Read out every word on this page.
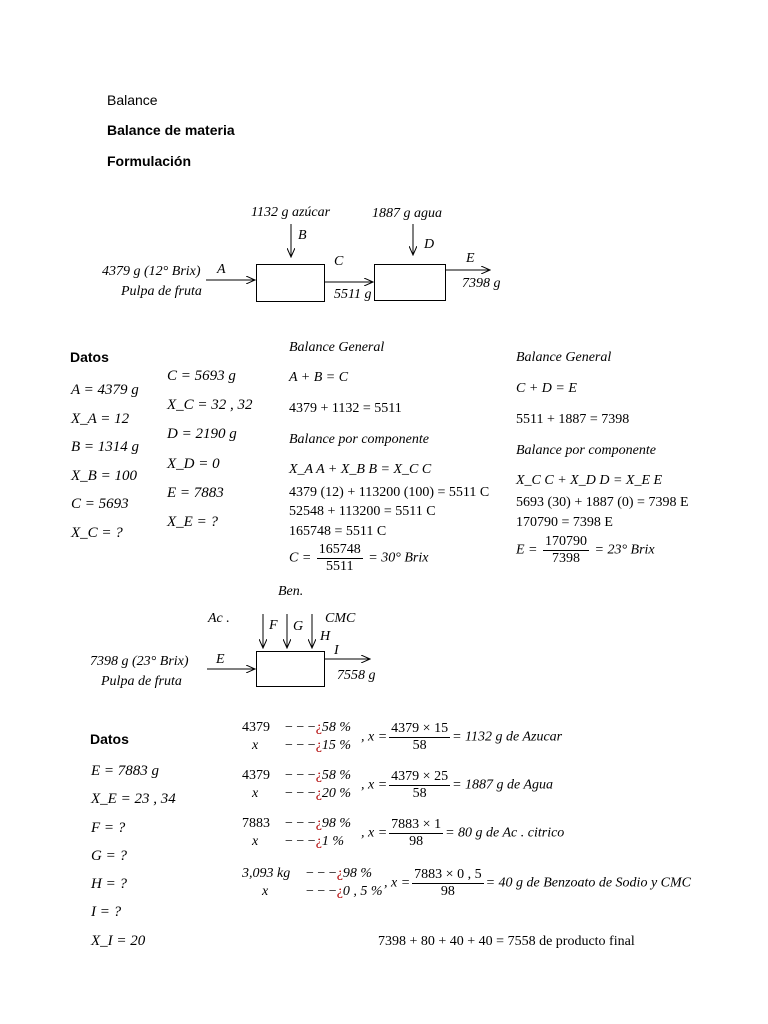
Balance
Balance de materia
Formulación
1132 g azúcar
B
1887 g agua
D
4379 g (12° Brix) A
Pulpa de fruta
C
5511 g
E
7398 g
Datos
A = 4379 g
X_A = 12
B = 1314 g
X_B = 100
C = 5693
X_C = ?
C = 5693 g
X_C = 32 , 32
D = 2190 g
X_D = 0
E = 7883
X_E = ?
Balance General
A + B = C
4379 + 1132 = 5511
Balance por componente
X_A A + X_B B = X_C C
4379 (12) + 113200 (100) = 5511 C
52548 + 113200 = 5511 C
165748 = 5511 C
$C = \frac{165748}{5511} = 30^\circ$ Brix
Balance General
C + D = E
5511 + 1887 = 7398
Balance por componente
X_C C + X_D D = X_E E
5693 (30) + 1887 (0) = 7398 E
170790 = 7398 E
$E = \frac{170790}{7398} = 23^\circ$ Brix
Ben.
Ac .	CMC
F G
H
I
E
7398 g (23° Brix)
Pulpa de fruta	7558 g
Datos
E = 7883 g
X_E = 23 , 34
F = ?
G = ?
H = ?
I = ?
X_I = 20
4379
x
− − −¿58 %
− − −¿15 %
, $x = \frac{4379 \times 15}{58} = 1132$ g de Azucar
4379
x
− − −¿58 %
− − −¿20 %
, $x = \frac{4379 \times 25}{58} = 1887$ g de Agua
7883
x
− − −¿98 %
− − −¿1 %
, $x = \frac{7883 \times 1}{98} = 80$ g de Ac . citrico
3,093 kg
x
− − −¿98 %
− − −¿0 , 5 %
, $x = \frac{7883 \times 0 , 5}{98} = 40$ g de Benzoato de Sodio y CMC
7398 + 80 + 40 + 40 = 7558 de producto final
